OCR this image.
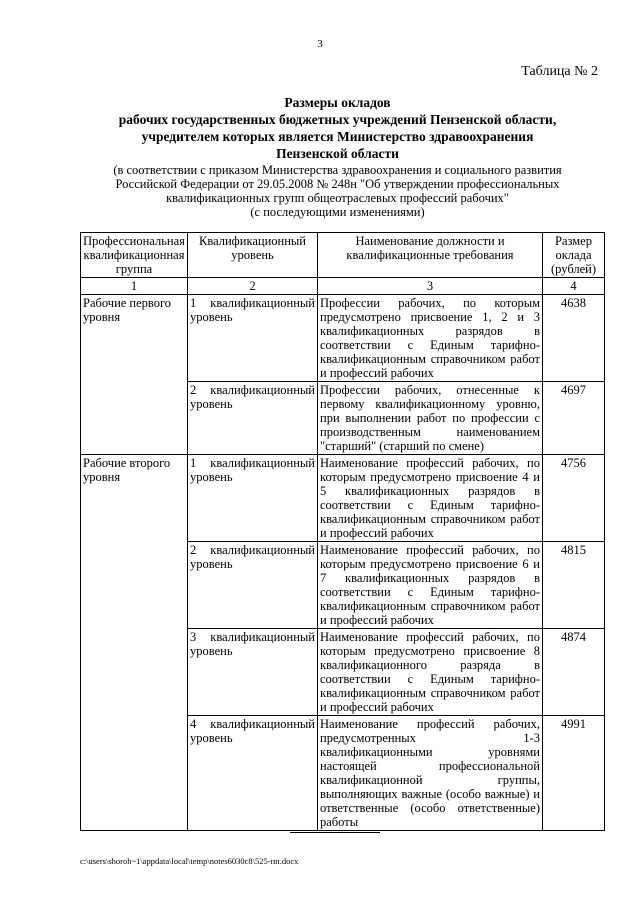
3
Таблица № 2
Размеры окладов
рабочих государственных бюджетных учреждений Пензенской области,
учредителем которых является Министерство здравоохранения
Пензенской области
(в соответствии с приказом Министерства здравоохранения и социального развития
Российской Федерации от 29.05.2008 № 248н "Об утверждении профессиональных
квалификационных групп общеотраслевых профессий рабочих"
(с последующими изменениями)
Профессиональная квалификационная группа	Квалификационный уровень	Наименование должности и квалификационные требования	Размер оклада (рублей)
1	2	3	4
Рабочие первого уровня	1 квалификационный уровень	Профессии рабочих, по которым предусмотрено присвоение 1, 2 и 3 квалификационных разрядов в соответствии с Единым тарифно-квалификационным справочником работ и профессий рабочих	4638
	2 квалификационный уровень	Профессии рабочих, отнесенные к первому квалификационному уровню, при выполнении работ по профессии с производственным наименованием "старший" (старший по смене)	4697
Рабочие второго уровня	1 квалификационный уровень	Наименование профессий рабочих, по которым предусмотрено присвоение 4 и 5 квалификационных разрядов в соответствии с Единым тарифно-квалификационным справочником работ и профессий рабочих	4756
	2 квалификационный уровень	Наименование профессий рабочих, по которым предусмотрено присвоение 6 и 7 квалификационных разрядов в соответствии с Единым тарифно-квалификационным справочником работ и профессий рабочих	4815
	3 квалификационный уровень	Наименование профессий рабочих, по которым предусмотрено присвоение 8 квалификационного разряда в соответствии с Единым тарифно-квалификационным справочником работ и профессий рабочих	4874
	4 квалификационный уровень	Наименование профессий рабочих, предусмотренных 1-3 квалификационными уровнями настоящей профессиональной квалификационной группы, выполняющих важные (особо важные) и ответственные (особо ответственные) работы	4991
c:\users\shoroh~1\appdata\local\temp\notes6030c8\525-пп.docx
